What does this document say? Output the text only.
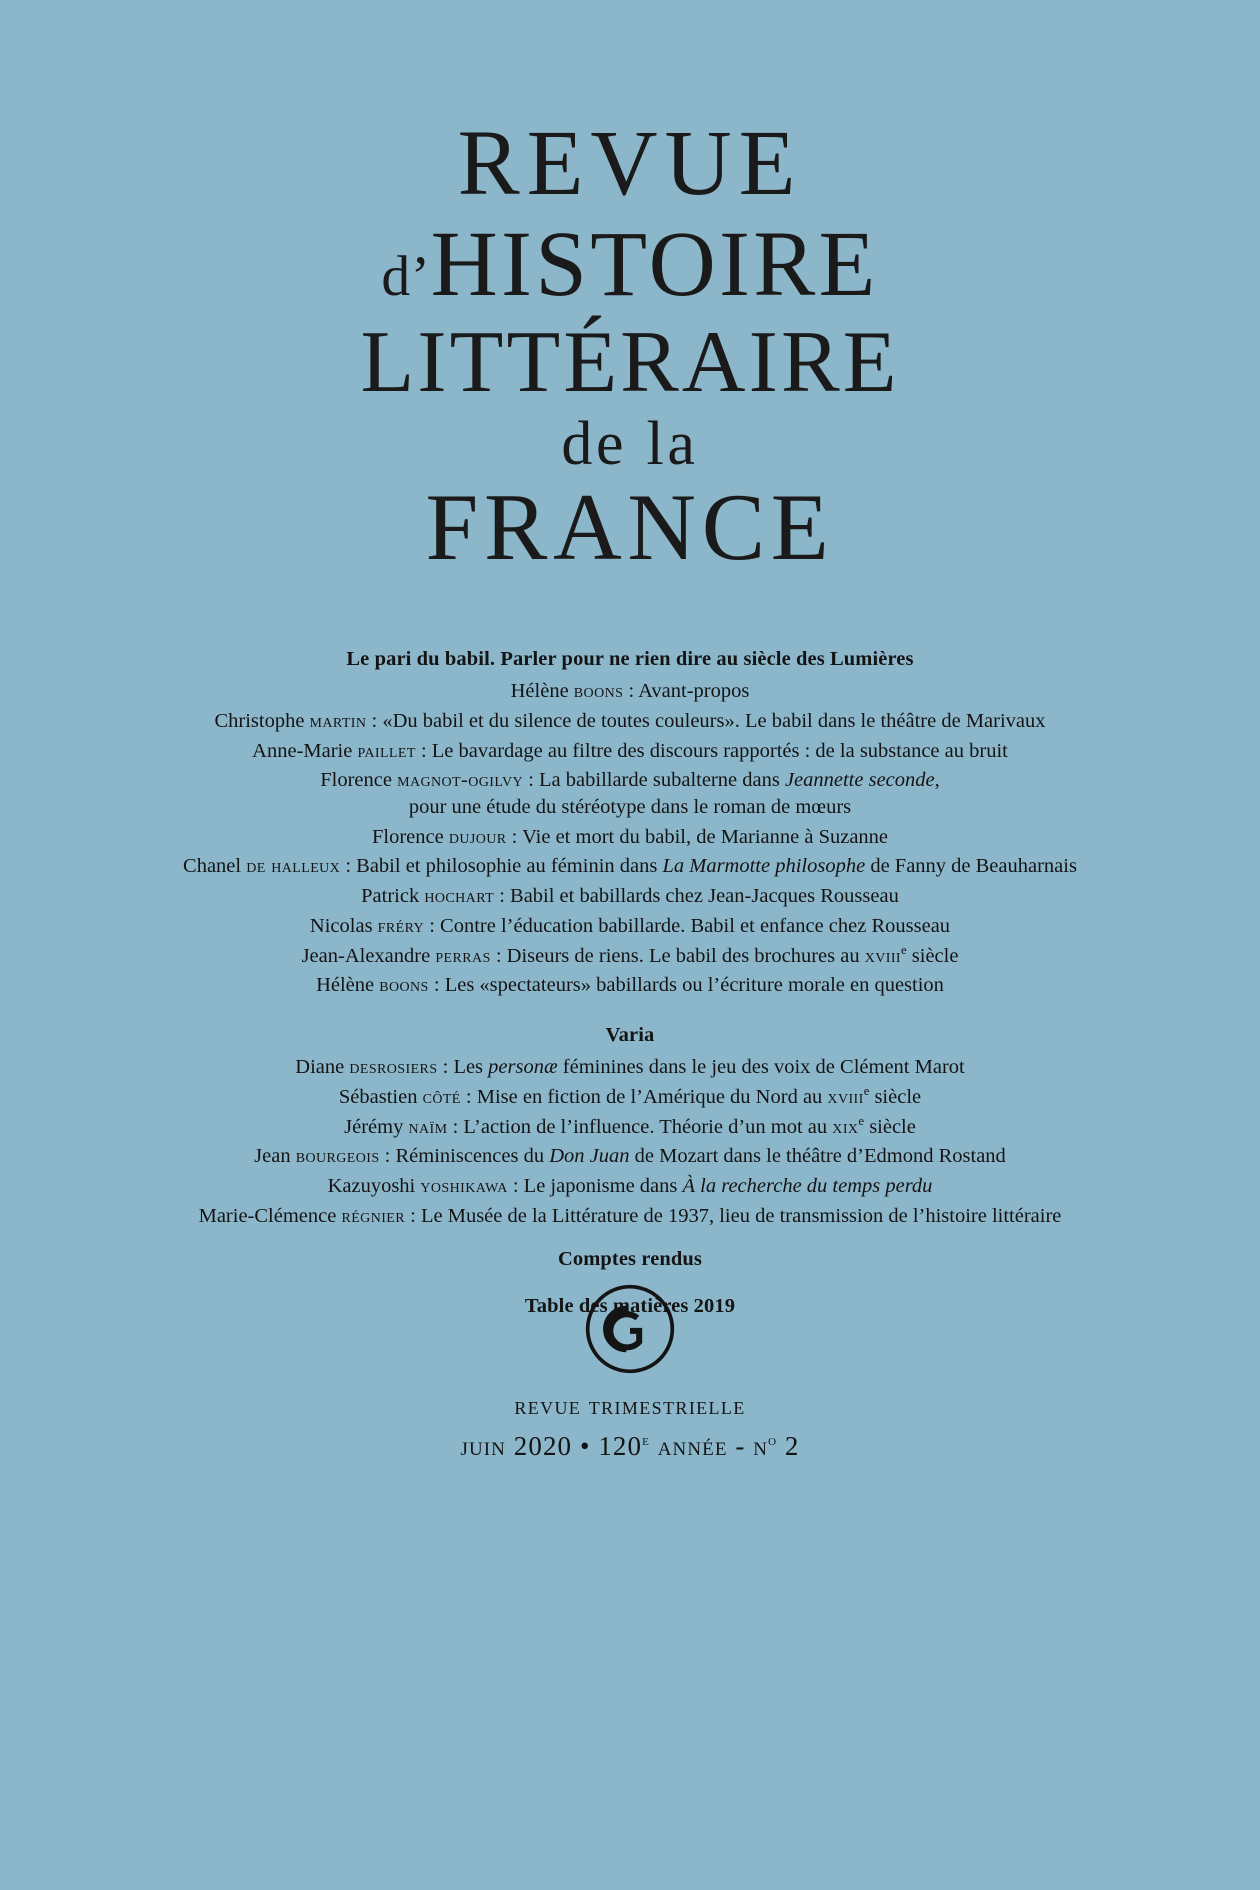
REVUE
d’HISTOIRE
LITTÉRAIRE
de la
FRANCE

Le pari du babil. Parler pour ne rien dire au siècle des Lumières

Hélène boons : Avant-propos

Christophe martin : «Du babil et du silence de toutes couleurs». Le babil dans le théâtre de Marivaux

Anne-Marie paillet : Le bavardage au filtre des discours rapportés : de la substance au bruit

Florence magnot-ogilvy : La babillarde subalterne dans Jeannette seconde,

pour une étude du stéréotype dans le roman de mœurs

Florence dujour : Vie et mort du babil, de Marianne à Suzanne

Chanel de halleux : Babil et philosophie au féminin dans La Marmotte philosophe de Fanny de Beauharnais

Patrick hochart : Babil et babillards chez Jean-Jacques Rousseau

Nicolas fréry : Contre l’éducation babillarde. Babil et enfance chez Rousseau

Jean-Alexandre perras : Diseurs de riens. Le babil des brochures au xviii$^e$ siècle

Hélène boons : Les «spectateurs» babillards ou l’écriture morale en question

Varia

Diane desrosiers : Les personæ féminines dans le jeu des voix de Clément Marot

Sébastien côté : Mise en fiction de l’Amérique du Nord au xviii$^e$ siècle

Jérémy naïm : L’action de l’influence. Théorie d’un mot au xix$^e$ siècle

Jean bourgeois : Réminiscences du Don Juan de Mozart dans le théâtre d’Edmond Rostand

Kazuyoshi yoshikawa : Le japonisme dans À la recherche du temps perdu

Marie-Clémence régnier : Le Musée de la Littérature de 1937, lieu de transmission de l’histoire littéraire

Comptes rendus

Table des matières 2019

revue trimestrielle

juin 2020 • 120e année - $n^o$ 2
